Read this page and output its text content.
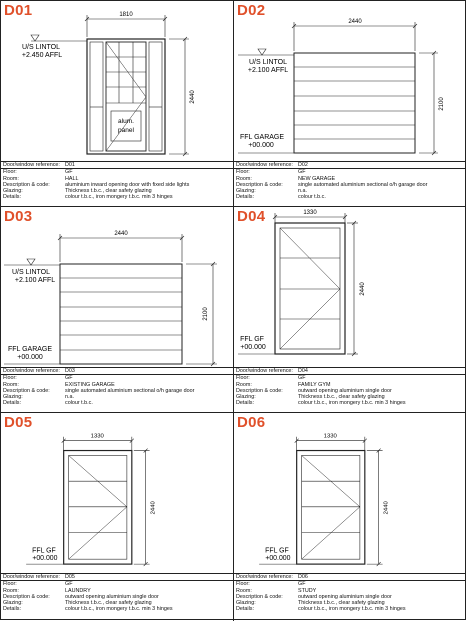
D01	1810
2440
U/S LINTOL
+2.450 AFFL
alum.
panel
Door/window reference: D01
Floor:	GF
Room:	HALL
Description & code:	aluminium inward opening door with fixed side lights
Glazing:	Thickness t.b.c., clear safety glazing
Details:	colour t.b.c., iron mongery t.b.c. min 3 hinges
D02
2440
2100
U/S LINTOL
+2.100 AFFL
FFL GARAGE
+00.000
Door/window reference: D02
Floor:	GF
Room:	NEW GARAGE
Description & code:	single automated aluminium sectional o/h garage door
Glazing:	n.a.
Details:	colour t.b.c.
D03
2440
2100
U/S LINTOL
+2.100 AFFL
FFL GARAGE
+00.000
Door/window reference: D03
Floor:	GF
Room:	EXISTING GARAGE
Description & code:	single automated aluminium sectional o/h garage door
Glazing:	n.a.
Details:	colour t.b.c.
D04	1330
2440
FFL GF
+00.000
Door/window reference: D04
Floor:	GF
Room:	FAMILY GYM
Description & code:	outward opening aluminium single door
Glazing:	Thickness t.b.c., clear safety glazing
Details:	colour t.b.c., iron mongery t.b.c. min 3 hinges
D05
1330
2440
FFL GF
+00.000
Door/window reference: D05
Floor:	GF
Room:	LAUNDRY
Description & code:	outward opening aluminium single door
Glazing:	Thickness t.b.c., clear safety glazing
Details:	colour t.b.c., iron mongery t.b.c. min 3 hinges
D06
1330
2440
FFL GF
+00.000
Door/window reference: D06
Floor:	GF
Room:	STUDY
Description & code:	outward opening aluminium single door
Glazing:	Thickness t.b.c., clear safety glazing
Details:	colour t.b.c., iron mongery t.b.c. min 3 hinges
